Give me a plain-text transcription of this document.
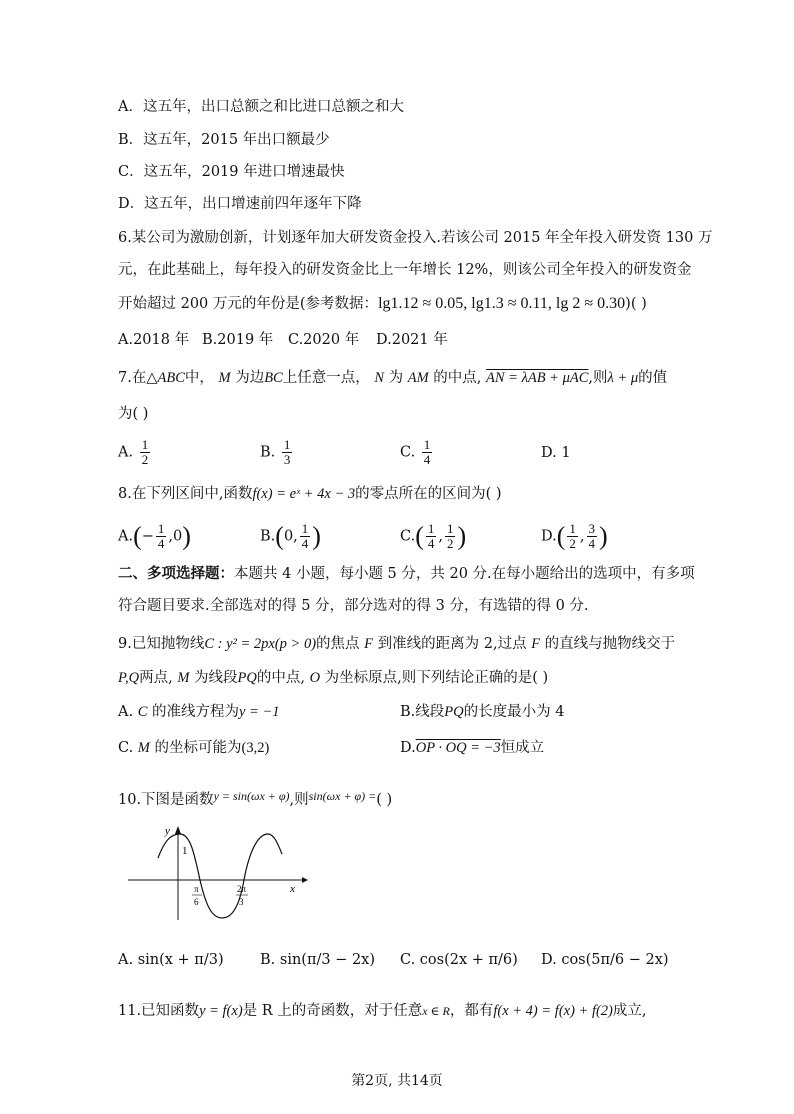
A．这五年，出口总额之和比进口总额之和大
B．这五年，2015 年出口额最少
C．这五年，2019 年进口增速最快
D．这五年，出口增速前四年逐年下降
6.某公司为激励创新，计划逐年加大研发资金投入.若该公司 2015 年全年投入研发资 130 万
元，在此基础上，每年投入的研发资金比上一年增长 12%，则该公司全年投入的研发资金
开始超过 200 万元的年份是(参考数据：lg1.12 ≈ 0.05, lg1.3 ≈ 0.11, lg 2 ≈ 0.30)( )
A.2018 年 B.2019 年 C.2020 年 D.2021 年
7.在△ABC中， M 为边BC上任意一点， N 为 AM 的中点, AN = λAB + μAC,则λ + μ的值
为( )
A. $\frac{1}{2}$	B. $\frac{1}{3}$	C. $\frac{1}{4}$	D. 1
8.在下列区间中,函数f(x) = eˣ + 4x − 3的零点所在的区间为( )
$A.(- \frac{1}{4} ,0)$	B.(0, $\frac{1}{4}$ )	$C.( \frac{1}{4}$ , $\frac{1}{2}$ )	$D.( \frac{1}{2}$ , $\frac{3}{4}$ )
二、多项选择题：本题共 4 小题，每小题 5 分，共 20 分.在每小题给出的选项中，有多项
符合题目要求.全部选对的得 5 分，部分选对的得 3 分，有选错的得 0 分.
9.已知抛物线C : y² = 2px(p > 0)的焦点 F 到准线的距离为 2,过点 F 的直线与抛物线交于
P,Q两点, M 为线段PQ的中点, O 为坐标原点,则下列结论正确的是( )
A. C 的准线方程为y = −1	B.线段PQ的长度最小为 4
C. M 的坐标可能为(3,2)	D.OP · OQ = −3恒成立
10.下图是函数$^{y = sin(\omega x + \varphi)}$,则$^{sin(\omega x + \varphi) =}$( )
y
1
x
π
6
2π
3
A. sin(x + π/3)	B. sin(π/3 − 2x) C. cos(2x + π/6) D. cos(5π/6 − 2x)
11.已知函数y = f(x)是 R 上的奇函数，对于任意x ∈ R，都有f(x + 4) = f(x) + f(2)成立,
第2页, 共14页
